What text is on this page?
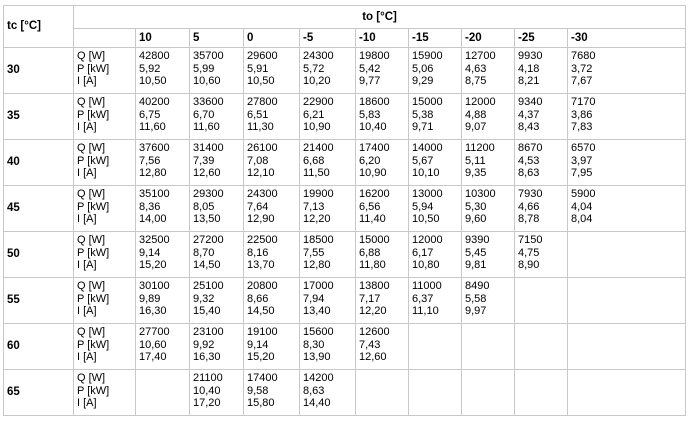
tc [°C]	to [°C]									
		10	5	0	-5	-10	-15	-20	-25	-30
30	Q [W]
P [kW]
I [A]	42800
5,92
10,50	35700
5,99
10,60	29600
5,91
10,50	24300
5,72
10,20	19800
5,42
9,77	15900
5,06
9,29	12700
4,63
8,75	9930
4,18
8,21	7680
3,72
7,67

35	Q [W]
P [kW]
I [A]	40200
6,75
11,60	33600
6,70
11,60	27800
6,51
11,30	22900
6,21
10,90	18600
5,83
10,40	15000
5,38
9,71	12000
4,88
9,07	9340
4,37
8,43	7170
3,86
7,83

40	Q [W]
P [kW]
I [A]	37600
7,56
12,80	31400
7,39
12,60	26100
7,08
12,10	21400
6,68
11,50	17400
6,20
10,90	14000
5,67
10,10	11200
5,11
9,35	8670
4,53
8,63	6570
3,97
7,95

45	Q [W]
P [kW]
I [A]	35100
8,36
14,00	29300
8,05
13,50	24300
7,64
12,90	19900
7,13
12,20	16200
6,56
11,40	13000
5,94
10,50	10300
5,30
9,60	7930
4,66
8,78	5900
4,04
8,04

50	Q [W]
P [kW]
I [A]	32500
9,14
15,20	27200
8,70
14,50	22500
8,16
13,70	18500
7,55
12,80	15000
6,88
11,80	12000
6,17
10,80	9390
5,45
9,81	7150
4,75
8,90	

55	Q [W]
P [kW]
I [A]	30100
9,89
16,30	25100
9,32
15,40	20800
8,66
14,50	17000
7,94
13,40	13800
7,17
12,20	11000
6,37
11,10	8490
5,58
9,97		

60	Q [W]
P [kW]
I [A]	27700
10,60
17,40	23100
9,92
16,30	19100
9,14
15,20	15600
8,30
13,90	12600
7,43
12,60				

65	Q [W]
P [kW]
I [A]		21100
10,40
17,20	17400
9,58
15,80	14200
8,63
14,40					
